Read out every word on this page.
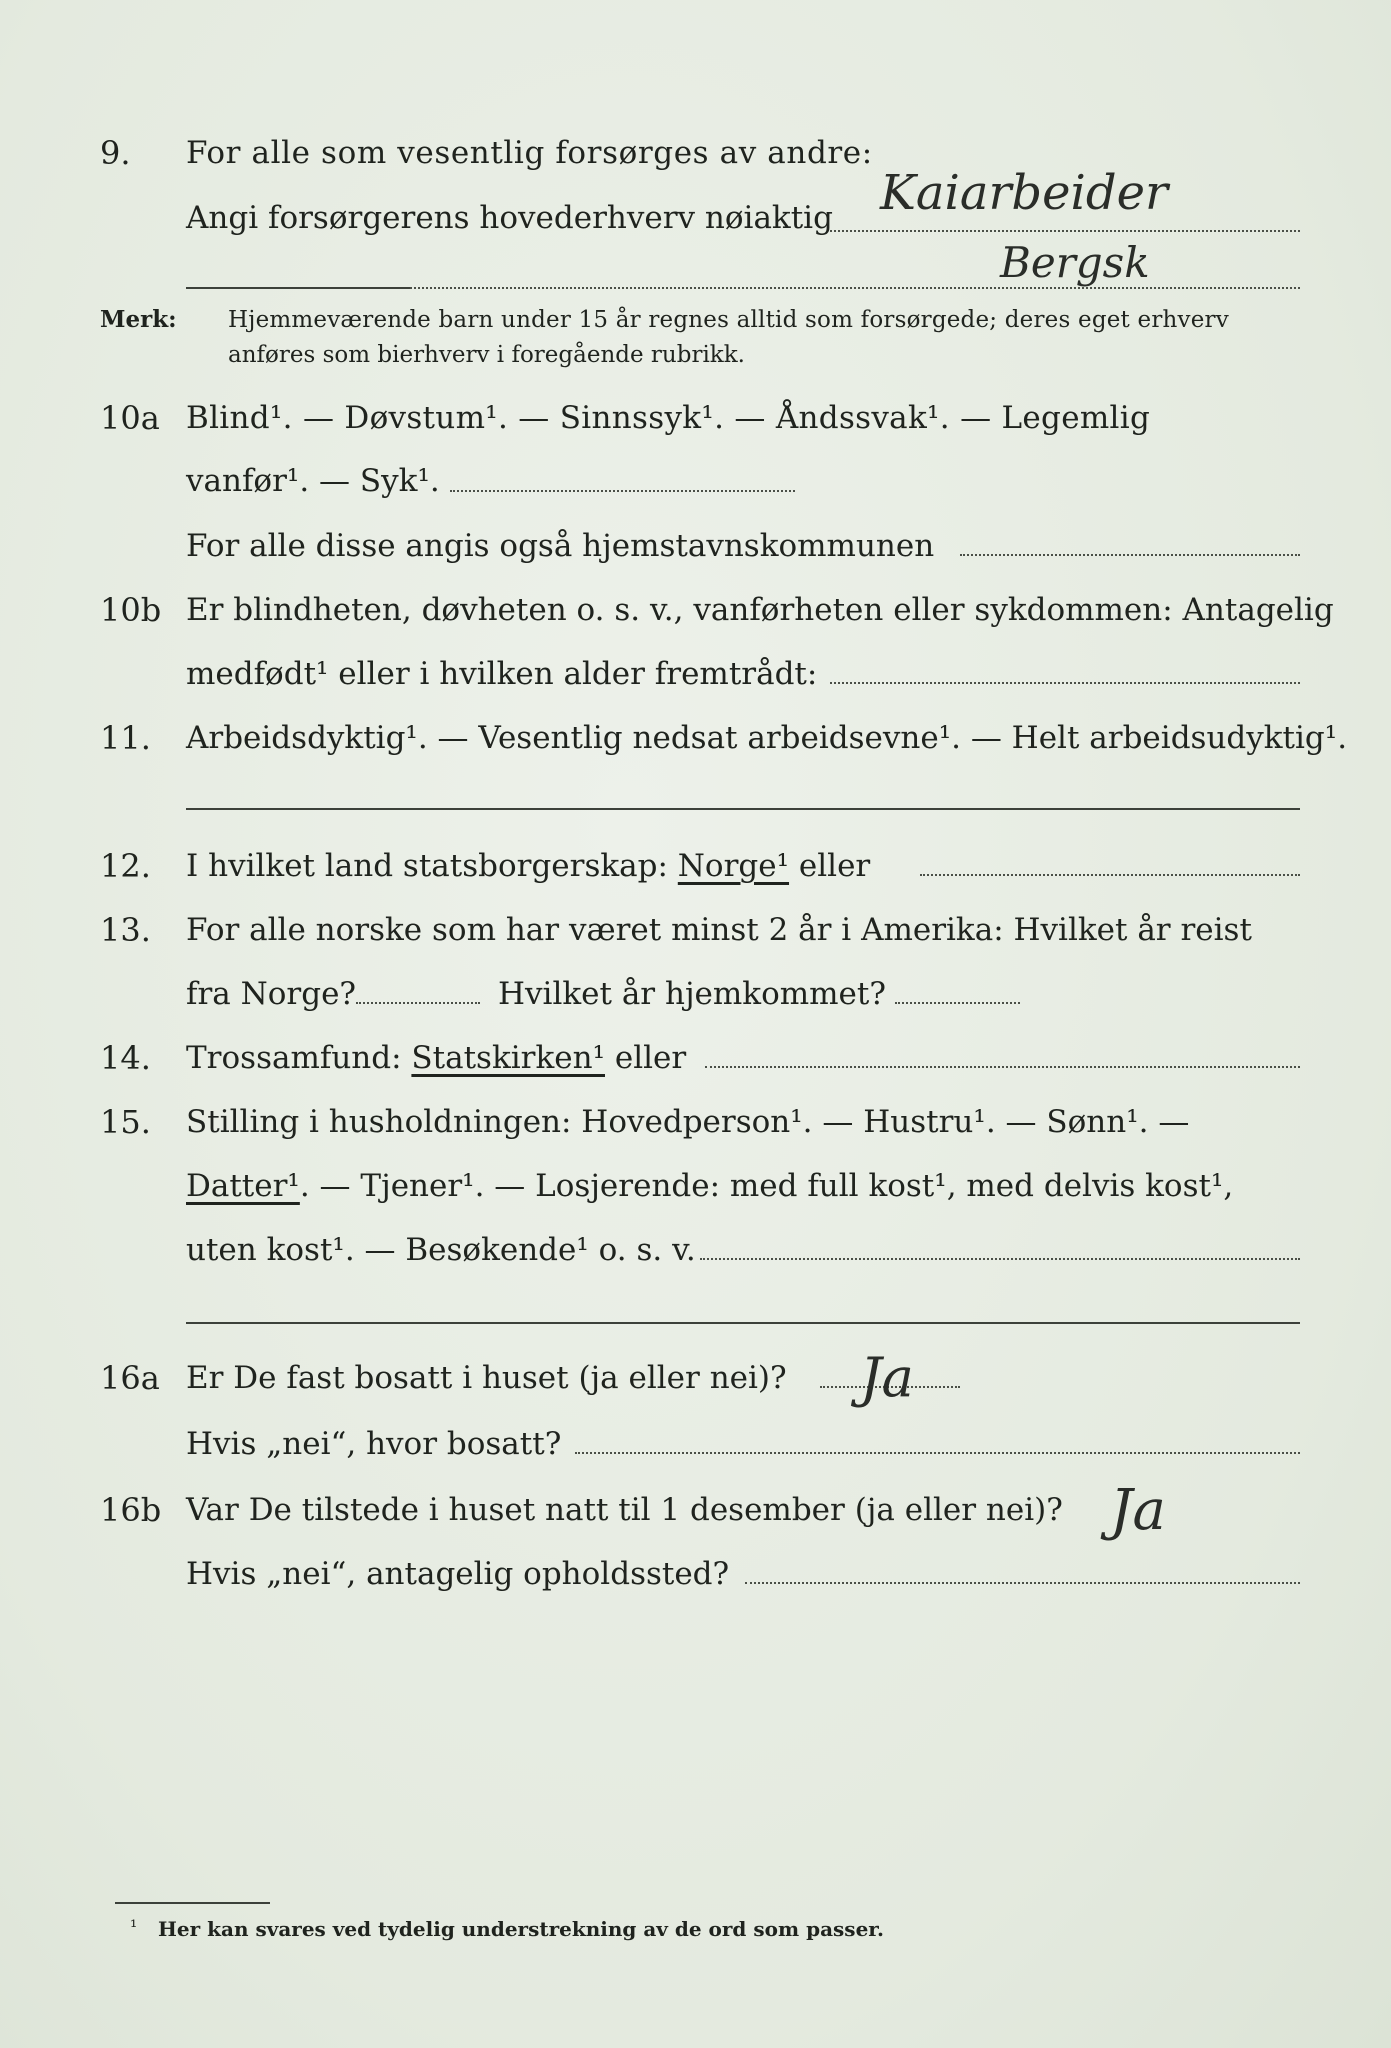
9. For alle som vesentlig forsørges av andre:
Angi forsørgerens hovederhverv nøiaktig Kaiarbeider
Bergsk
Merk: Hjemmeværende barn under 15 år regnes alltid som forsørgede; deres eget erhverv
anføres som bierhverv i foregående rubrikk.
10a Blind¹. — Døvstum¹. — Sinnssyk¹. — Åndssvak¹. — Legemlig
vanfør¹. — Syk¹.
For alle disse angis også hjemstavnskommunen
10b Er blindheten, døvheten o. s. v., vanførheten eller sykdommen: Antagelig
medfødt¹ eller i hvilken alder fremtrådt:
11. Arbeidsdyktig¹. — Vesentlig nedsat arbeidsevne¹. — Helt arbeidsudyktig¹.
12. I hvilket land statsborgerskap: Norge¹ eller
13. For alle norske som har været minst 2 år i Amerika: Hvilket år reist
fra Norge?	Hvilket år hjemkommet?
14. Trossamfund: Statskirken¹ eller
15. Stilling i husholdningen: Hovedperson¹. — Hustru¹. — Sønn¹. —
Datter¹. — Tjener¹. — Losjerende: med full kost¹, med delvis kost¹,
uten kost¹. — Besøkende¹ o. s. v.
16a Er De fast bosatt i huset (ja eller nei)? Ja
Hvis „nei“, hvor bosatt?
16b Var De tilstede i huset natt til 1 desember (ja eller nei)? Ja
Hvis „nei“, antagelig opholdssted?
¹ Her kan svares ved tydelig understrekning av de ord som passer.
